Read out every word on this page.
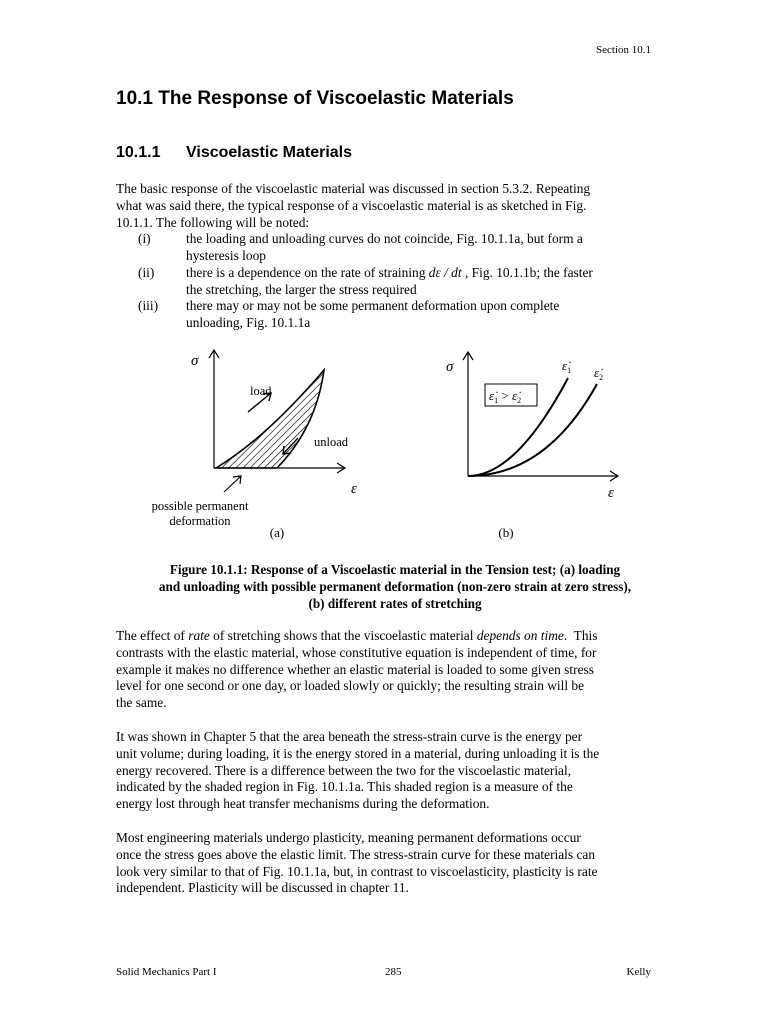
Section 10.1
10.1 The Response of Viscoelastic Materials
10.1.1 Viscoelastic Materials

The basic response of the viscoelastic material was discussed in section 5.3.2. Repeating

what was said there, the typical response of a viscoelastic material is as sketched in Fig.

10.1.1. The following will be noted:

(i)	the loading and unloading curves do not coincide, Fig. 10.1.1a, but form a
hysteresis loop
(ii) there is a dependence on the rate of straining dε / dt , Fig. 10.1.1b; the faster
the stretching, the larger the stress required
(iii) there may or may not be some permanent deformation upon complete
unloading, Fig. 10.1.1a
σ
ε
load
unload
possible permanent
deformation
(a)
$\varepsiloṅ_1$ > $\varepsiloṅ_2$
$\varepsiloṅ_1$ $\varepsiloṅ_2$
σ
ε
(b)
Figure 10.1.1: Response of a Viscoelastic material in the Tension test; (a) loading
and unloading with possible permanent deformation (non-zero strain at zero stress),
(b) different rates of stretching

The effect of rate of stretching shows that the viscoelastic material depends on time.  This

contrasts with the elastic material, whose constitutive equation is independent of time, for

example it makes no difference whether an elastic material is loaded to some given stress

level for one second or one day, or loaded slowly or quickly; the resulting strain will be

the same.

It was shown in Chapter 5 that the area beneath the stress-strain curve is the energy per

unit volume; during loading, it is the energy stored in a material, during unloading it is the

energy recovered. There is a difference between the two for the viscoelastic material,

indicated by the shaded region in Fig. 10.1.1a. This shaded region is a measure of the

energy lost through heat transfer mechanisms during the deformation.

Most engineering materials undergo plasticity, meaning permanent deformations occur

once the stress goes above the elastic limit. The stress-strain curve for these materials can

look very similar to that of Fig. 10.1.1a, but, in contrast to viscoelasticity, plasticity is rate

independent. Plasticity will be discussed in chapter 11.

Solid Mechanics Part I	285	Kelly
